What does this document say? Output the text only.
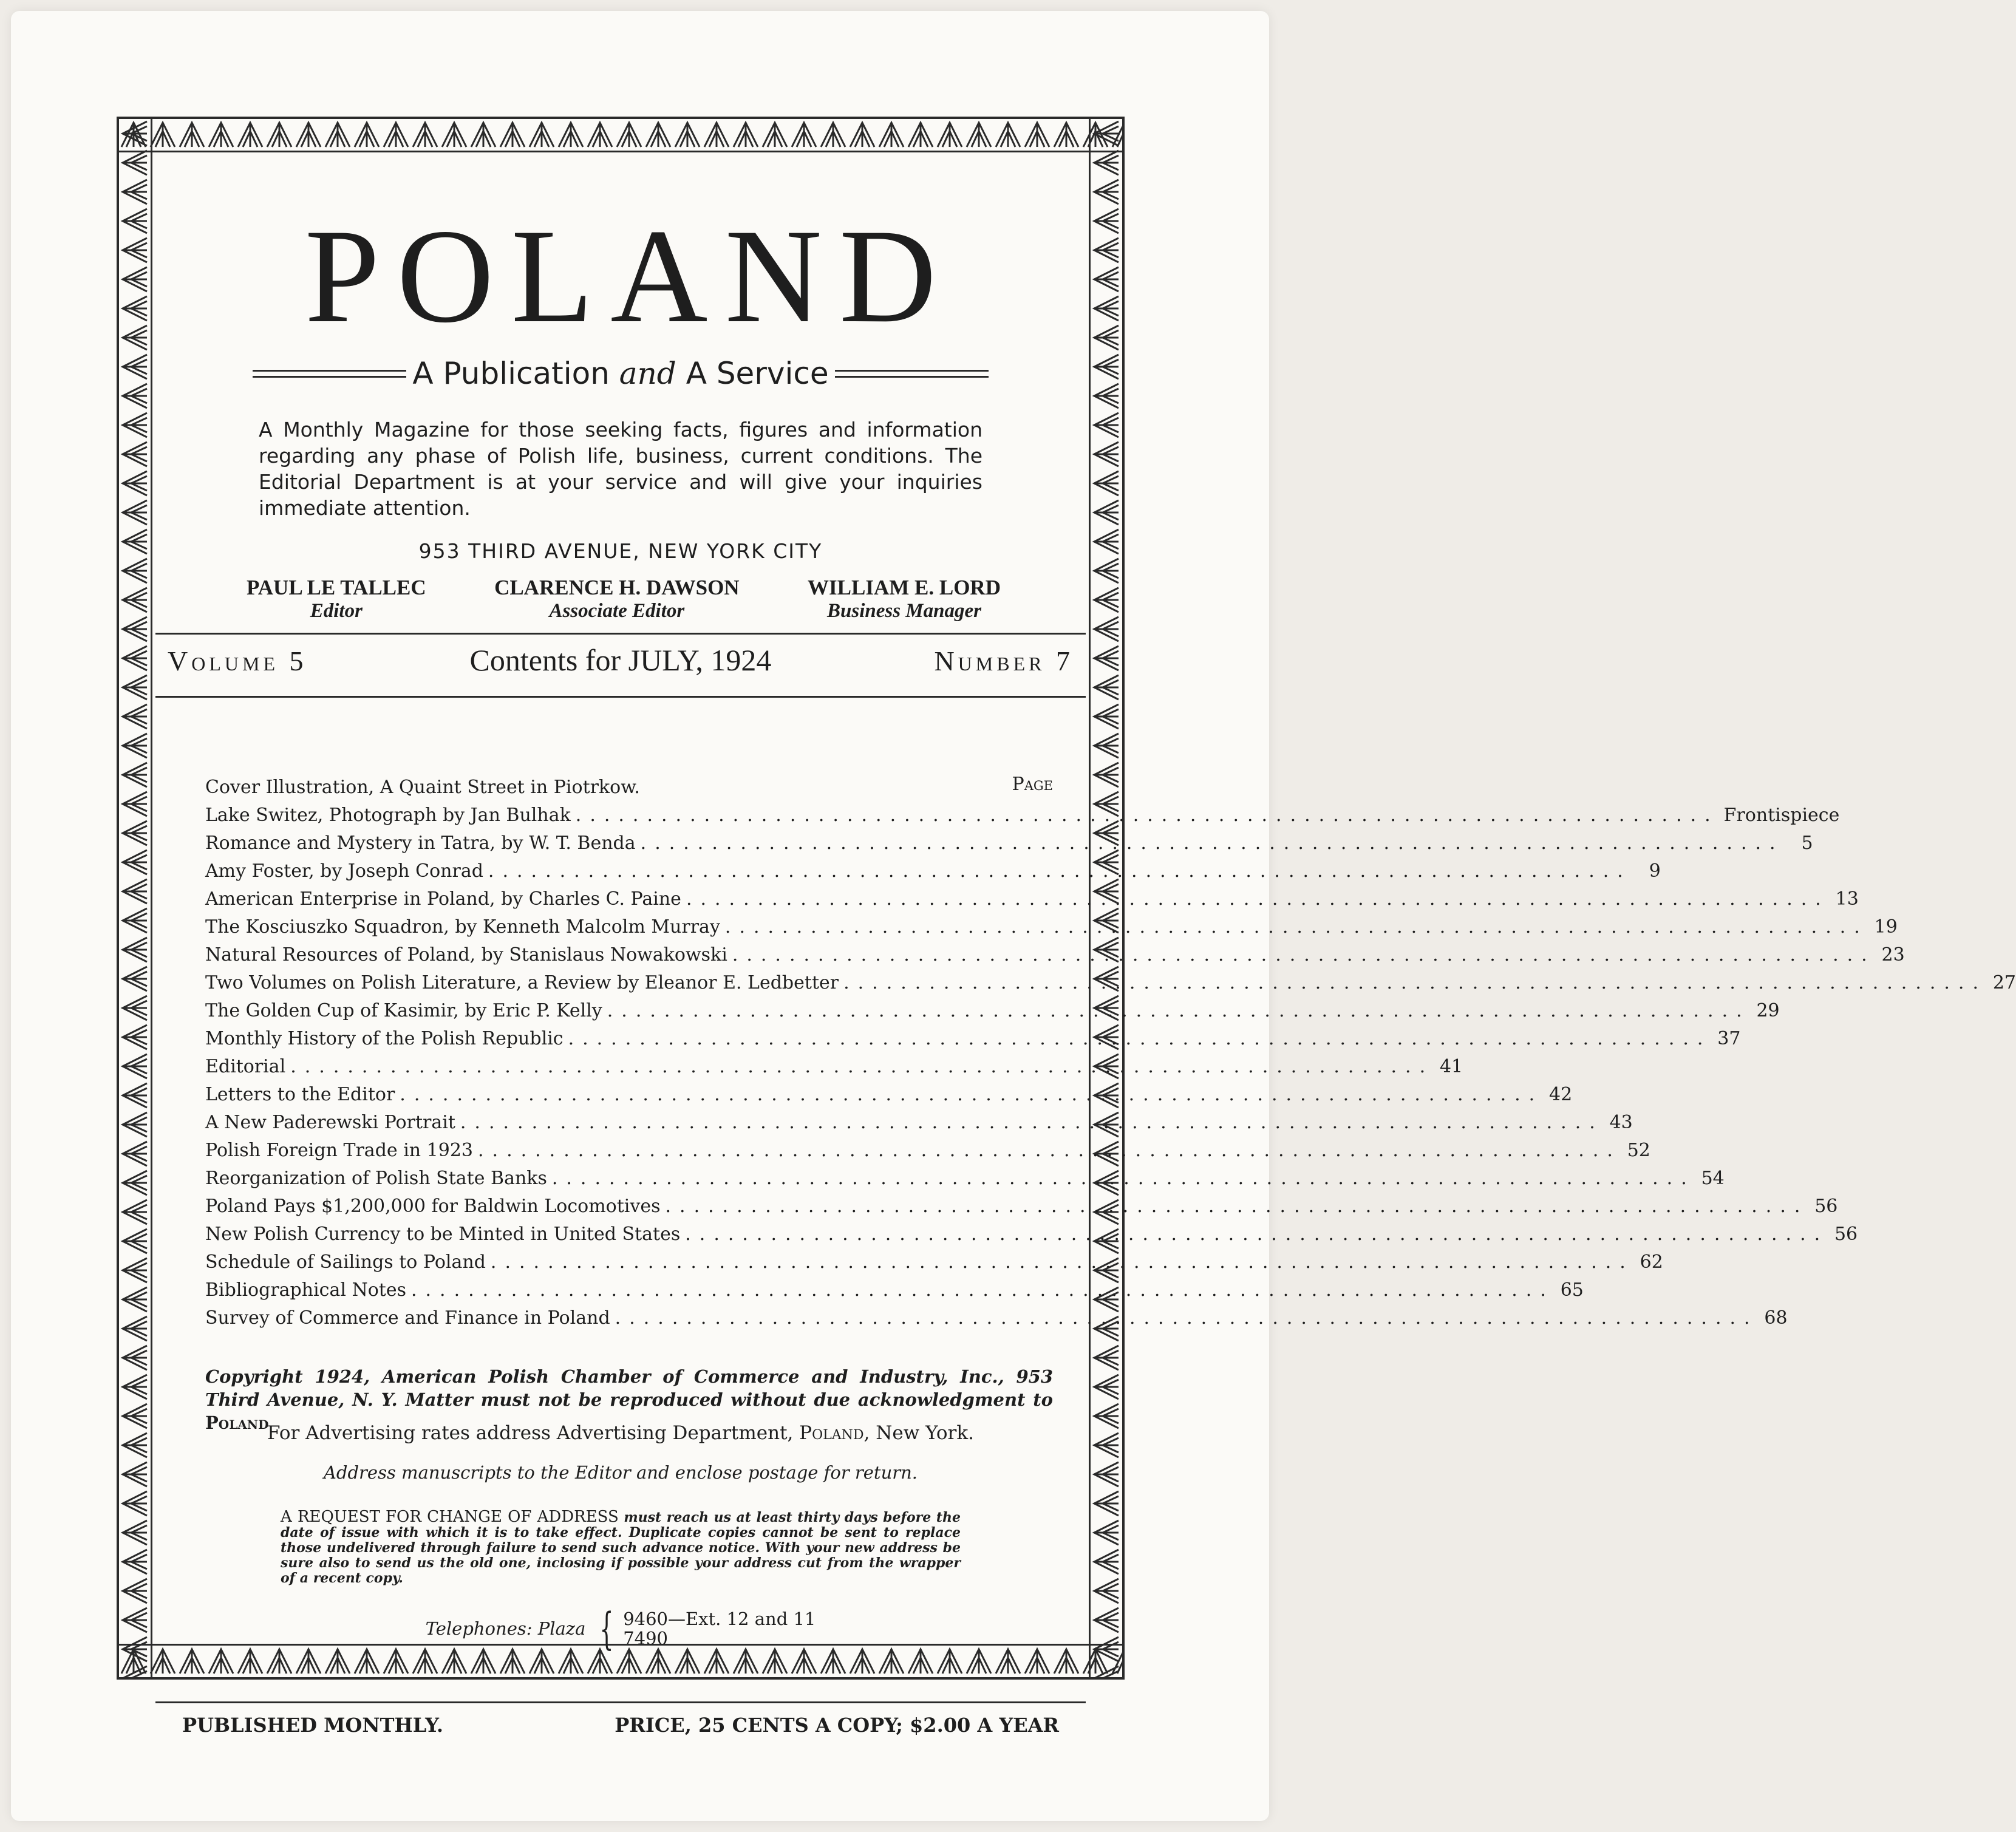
POLAND
A Publication and A Service
A Monthly Magazine for those seeking facts, figures and information regarding any phase of Polish life, business, current conditions. The Editorial Department is at your service and will give your inquiries immediate attention.
953 THIRD AVENUE, NEW YORK CITY
PAUL LE TALLEC
Editor
CLARENCE H. DAWSON
Associate Editor
WILLIAM E. LORD
Business Manager
Volume 5	Contents for JULY, 1924	Number 7
Page
Cover Illustration, A Quaint Street in Piotrkow.
Lake Switez, Photograph by Jan Bulhak ................................................................................ Frontispiece
Romance and Mystery in Tatra, by W. T. Benda ................................................................................ 5
Amy Foster, by Joseph Conrad ................................................................................ 9
American Enterprise in Poland, by Charles C. Paine ................................................................................ 13
The Kosciuszko Squadron, by Kenneth Malcolm Murray ................................................................................ 19
Natural Resources of Poland, by Stanislaus Nowakowski ................................................................................ 23
Two Volumes on Polish Literature, a Review by Eleanor E. Ledbetter ................................................................................ 27
The Golden Cup of Kasimir, by Eric P. Kelly ................................................................................ 29
Monthly History of the Polish Republic ................................................................................ 37
Editorial ................................................................................ 41
Letters to the Editor ................................................................................ 42
A New Paderewski Portrait ................................................................................ 43
Polish Foreign Trade in 1923 ................................................................................ 52
Reorganization of Polish State Banks ................................................................................ 54
Poland Pays $1,200,000 for Baldwin Locomotives ................................................................................ 56
New Polish Currency to be Minted in United States ................................................................................ 56
Schedule of Sailings to Poland ................................................................................ 62
Bibliographical Notes ................................................................................ 65
Survey of Commerce and Finance in Poland ................................................................................ 68
Copyright 1924, American Polish Chamber of Commerce and Industry, Inc., 953 Third Avenue, N. Y. Matter must not be reproduced without due acknowledgment to Poland
For Advertising rates address Advertising Department, Poland, New York.
Address manuscripts to the Editor and enclose postage for return.
A REQUEST FOR CHANGE OF ADDRESS must reach us at least thirty days before the date of issue with which it is to take effect. Duplicate copies cannot be sent to replace those undelivered through failure to send such advance notice. With your new address be sure also to send us the old one, inclosing if possible your address cut from the wrapper of a recent copy.
Telephones: Plaza { 9460—Ext. 12 and 11
7490
PUBLISHED MONTHLY.	PRICE, 25 CENTS A COPY; $2.00 A YEAR
